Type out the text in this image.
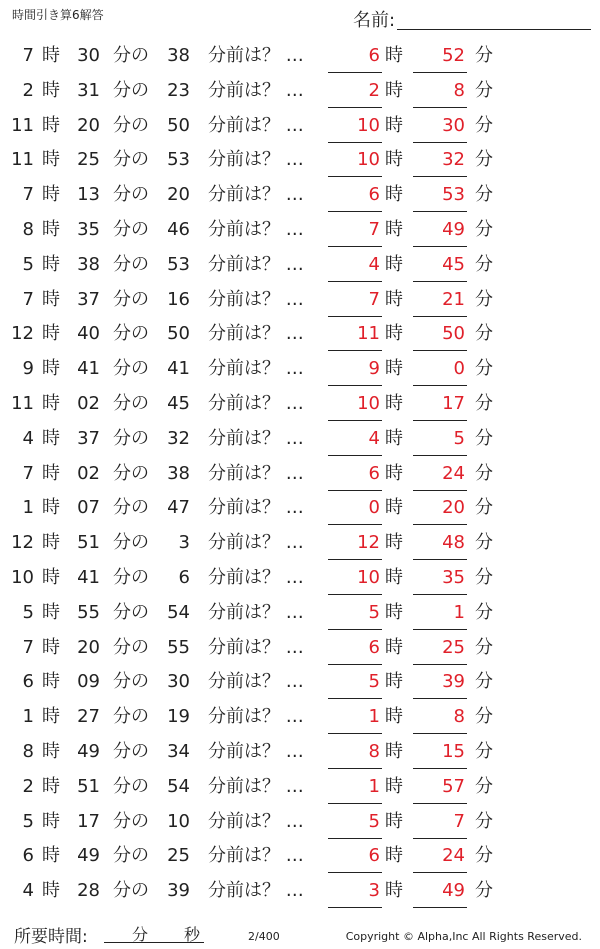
時間引き算6解答	名前:
7 時 30 分の	38 分前は？ …	6 時	52 分
2 時 31 分の	23 分前は？ …	2 時	8 分
11 時 20 分の	50 分前は？ …	10 時	30 分
11 時 25 分の	53 分前は？ …	10 時	32 分
7 時 13 分の	20 分前は？ …	6 時	53 分
8 時 35 分の	46 分前は？ …	7 時	49 分
5 時 38 分の	53 分前は？ …	4 時	45 分
7 時 37 分の	16 分前は？ …	7 時	21 分
12 時 40 分の	50 分前は？ …	11 時	50 分
9 時 41 分の	41 分前は？ …	9 時	0 分
11 時 02 分の	45 分前は？ …	10 時	17 分
4 時 37 分の	32 分前は？ …	4 時	5 分
7 時 02 分の	38 分前は？ …	6 時	24 分
1 時 07 分の	47 分前は？ …	0 時	20 分
12 時 51 分の	3 分前は？ …	12 時	48 分
10 時 41 分の	6 分前は？ …	10 時	35 分
5 時 55 分の	54 分前は？ …	5 時	1 分
7 時 20 分の	55 分前は？ …	6 時	25 分
6 時 09 分の	30 分前は？ …	5 時	39 分
1 時 27 分の	19 分前は？ …	1 時	8 分
8 時 49 分の	34 分前は？ …	8 時	15 分
2 時 51 分の	54 分前は？ …	1 時	57 分
5 時 17 分の	10 分前は？ …	5 時	7 分
6 時 49 分の	25 分前は？ …	6 時	24 分
4 時 28 分の	39 分前は？ …	3 時	49 分
所要時間:	分 秒	2/400	Copyright © Alpha,Inc All Rights Reserved.
